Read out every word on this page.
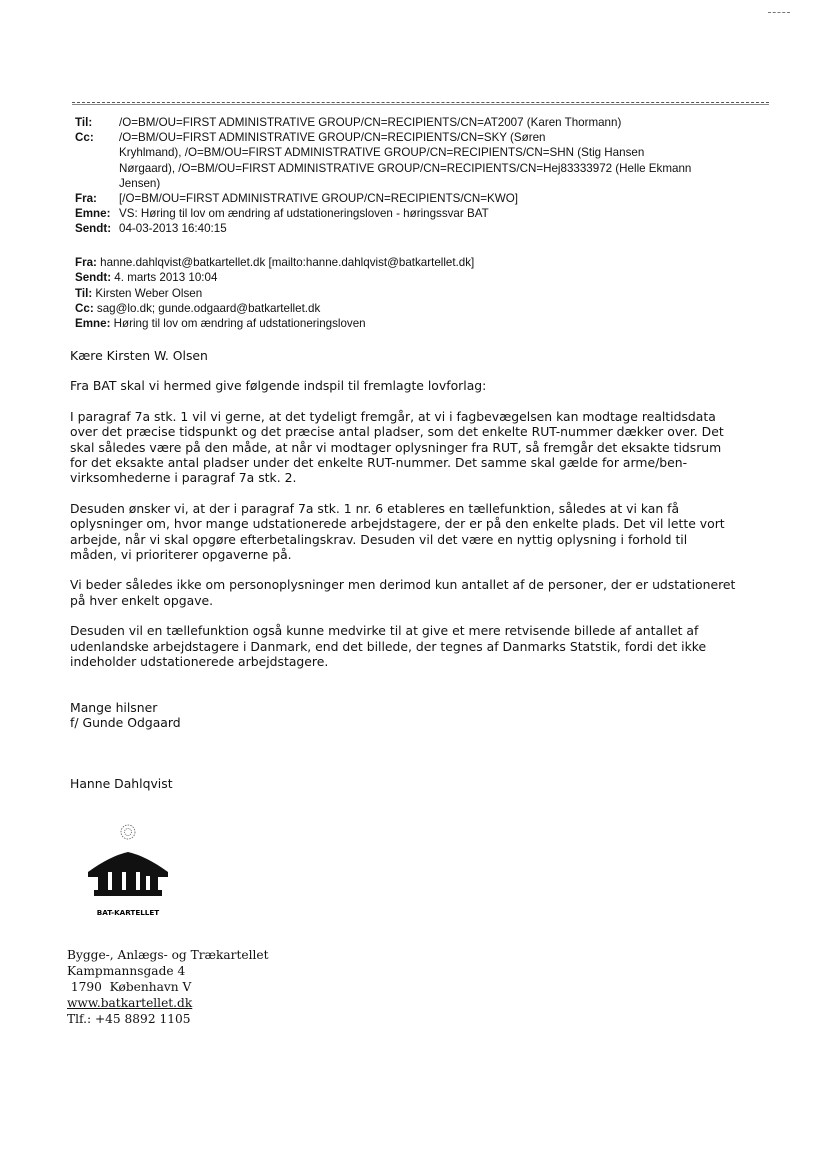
Til:	/O=BM/OU=FIRST ADMINISTRATIVE GROUP/CN=RECIPIENTS/CN=AT2007 (Karen Thormann)
Cc:	/O=BM/OU=FIRST ADMINISTRATIVE GROUP/CN=RECIPIENTS/CN=SKY (Søren
Kryhlmand), /O=BM/OU=FIRST ADMINISTRATIVE GROUP/CN=RECIPIENTS/CN=SHN (Stig Hansen
Nørgaard), /O=BM/OU=FIRST ADMINISTRATIVE GROUP/CN=RECIPIENTS/CN=Hej83333972 (Helle Ekmann
Jensen)
Fra:	[/O=BM/OU=FIRST ADMINISTRATIVE GROUP/CN=RECIPIENTS/CN=KWO]
Emne: VS: Høring til lov om ændring af udstationeringsloven - høringssvar BAT
Sendt: 04-03-2013 16:40:15
Fra: hanne.dahlqvist@batkartellet.dk [mailto:hanne.dahlqvist@batkartellet.dk]
Sendt: 4. marts 2013 10:04
Til: Kirsten Weber Olsen
Cc: sag@lo.dk; gunde.odgaard@batkartellet.dk
Emne: Høring til lov om ændring af udstationeringsloven

Kære Kirsten W. Olsen

Fra BAT skal vi hermed give følgende indspil til fremlagte lovforlag:

I paragraf 7a stk. 1 vil vi gerne, at det tydeligt fremgår, at vi i fagbevægelsen kan modtage realtidsdata

over det præcise tidspunkt og det præcise antal pladser, som det enkelte RUT-nummer dækker over. Det

skal således være på den måde, at når vi modtager oplysninger fra RUT, så fremgår det eksakte tidsrum

for det eksakte antal pladser under det enkelte RUT-nummer. Det samme skal gælde for arme/ben-

virksomhederne i paragraf 7a stk. 2.

Desuden ønsker vi, at der i paragraf 7a stk. 1 nr. 6 etableres en tællefunktion, således at vi kan få

oplysninger om, hvor mange udstationerede arbejdstagere, der er på den enkelte plads. Det vil lette vort

arbejde, når vi skal opgøre efterbetalingskrav. Desuden vil det være en nyttig oplysning i forhold til

måden, vi prioriterer opgaverne på.

Vi beder således ikke om personoplysninger men derimod kun antallet af de personer, der er udstationeret

på hver enkelt opgave.

Desuden vil en tællefunktion også kunne medvirke til at give et mere retvisende billede af antallet af

udenlandske arbejdstagere i Danmark, end det billede, der tegnes af Danmarks Statstik, fordi det ikke

indeholder udstationerede arbejdstagere.

Mange hilsner

f/ Gunde Odgaard

Hanne Dahlqvist

BAT-KARTELLET
Bygge-, Anlægs- og Trækartellet
Kampmannsgade 4
1790  København V
www.batkartellet.dk
Tlf.: +45 8892 1105
